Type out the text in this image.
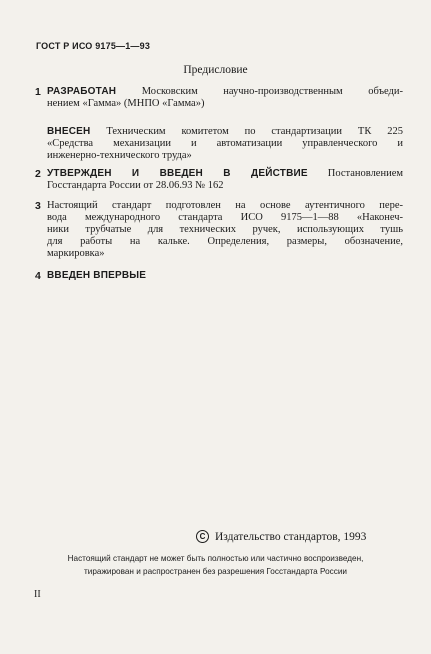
ГОСТ Р ИСО 9175—1—93
Предисловие
1 РАЗРАБОТАН Московским научно-производственным объеди-
нением «Гамма» (МНПО «Гамма»)
ВНЕСЕН Техническим комитетом по стандартизации ТК 225
«Средства механизации и автоматизации управленческого и
инженерно-технического труда»
2 УТВЕРЖДЕН И ВВЕДЕН В ДЕЙСТВИЕ Постановлением
Госстандарта России от 28.06.93 № 162
3 Настоящий стандарт подготовлен на основе аутентичного пере-
вода международного стандарта ИСО 9175—1—88 «Наконеч-
ники трубчатые для технических ручек, использующих тушь
для работы на кальке. Определения, размеры, обозначение,
маркировка»
4 ВВЕДЕН ВПЕРВЫЕ
C Издательство стандартов, 1993
Настоящий стандарт не может быть полностью или частично воспроизведен,
тиражирован и распространен без разрешения Госстандарта России
II
